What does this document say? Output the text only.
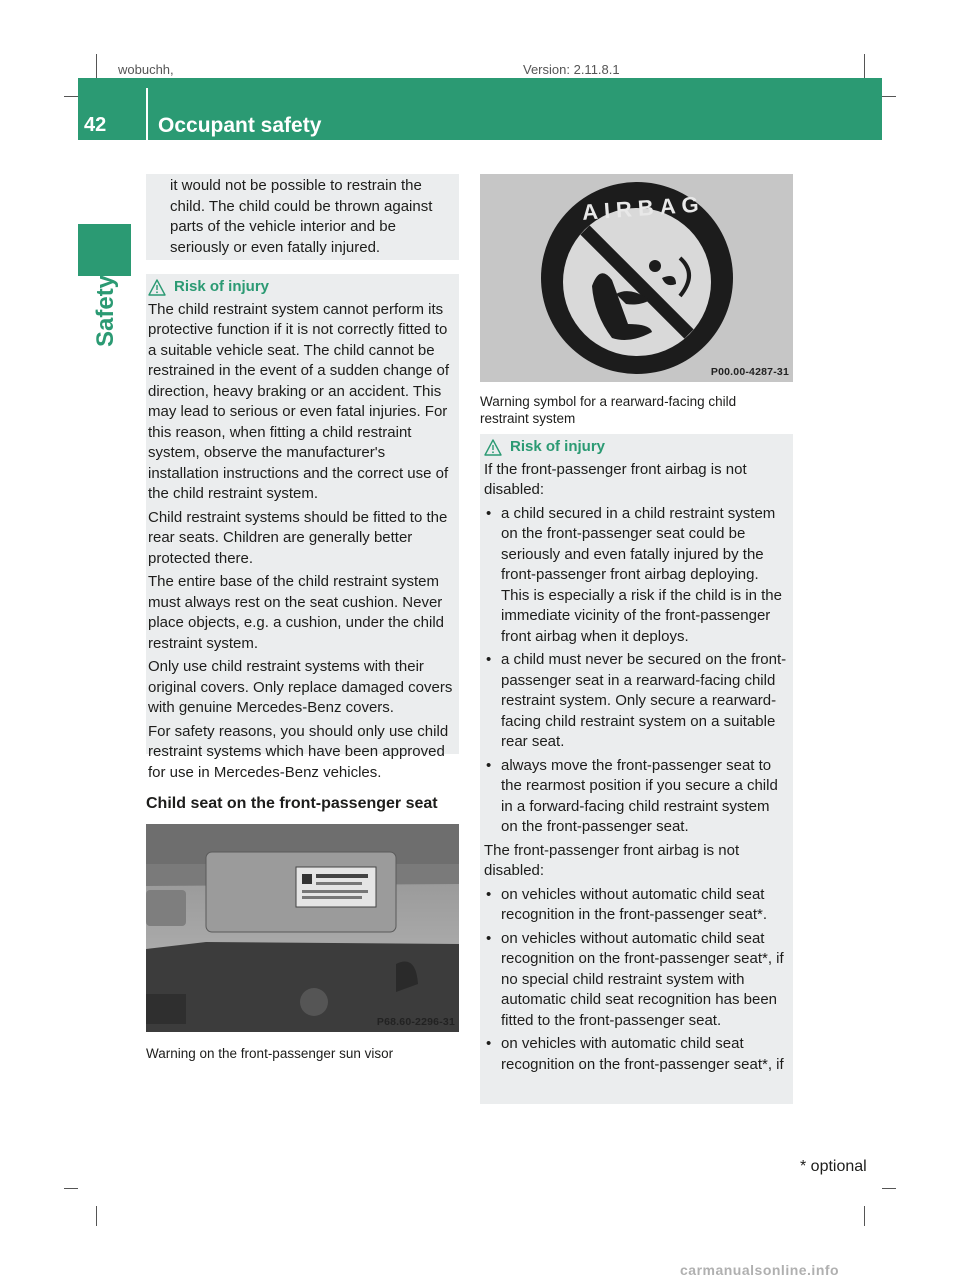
wobuchh,	Version: 2.11.8.1
42 Occupant safety
Safety

it would not be possible to restrain the child. The child could be thrown against parts of the vehicle interior and be seriously or even fatally injured.

Risk of injury

The child restraint system cannot perform its protective function if it is not correctly fitted to a suitable vehicle seat. The child cannot be restrained in the event of a sudden change of direction, heavy braking or an accident. This may lead to serious or even fatal injuries. For this reason, when fitting a child restraint system, observe the manufacturer's installation instructions and the correct use of the child restraint system.

Child restraint systems should be fitted to the rear seats. Children are generally better protected there.

The entire base of the child restraint system must always rest on the seat cushion. Never place objects, e.g. a cushion, under the child restraint system.

Only use child restraint systems with their original covers. Only replace damaged covers with genuine Mercedes-Benz covers.

For safety reasons, you should only use child restraint systems which have been approved for use in Mercedes-Benz vehicles.

Child seat on the front-passenger seat
P68.60-2296-31
Warning on the front-passenger sun visor
AIRBAG
P00.00-4287-31
Warning symbol for a rearward-facing child restraint system
Risk of injury

If the front-passenger front airbag is not disabled:

• a child secured in a child restraint system on the front-passenger seat could be seriously and even fatally injured by the front-passenger front airbag deploying. This is especially a risk if the child is in the immediate vicinity of the front-passenger front airbag when it deploys.
• a child must never be secured on the front-passenger seat in a rearward-facing child restraint system. Only secure a rearward-facing child restraint system on a suitable rear seat.
• always move the front-passenger seat to the rearmost position if you secure a child in a forward-facing child restraint system on the front-passenger seat.

The front-passenger front airbag is not disabled:

• on vehicles without automatic child seat recognition in the front-passenger seat*.
• on vehicles without automatic child seat recognition on the front-passenger seat*, if no special child restraint system with automatic child seat recognition has been fitted to the front-passenger seat.
• on vehicles with automatic child seat recognition on the front-passenger seat*, if
* optional
carmanualsonline.info
